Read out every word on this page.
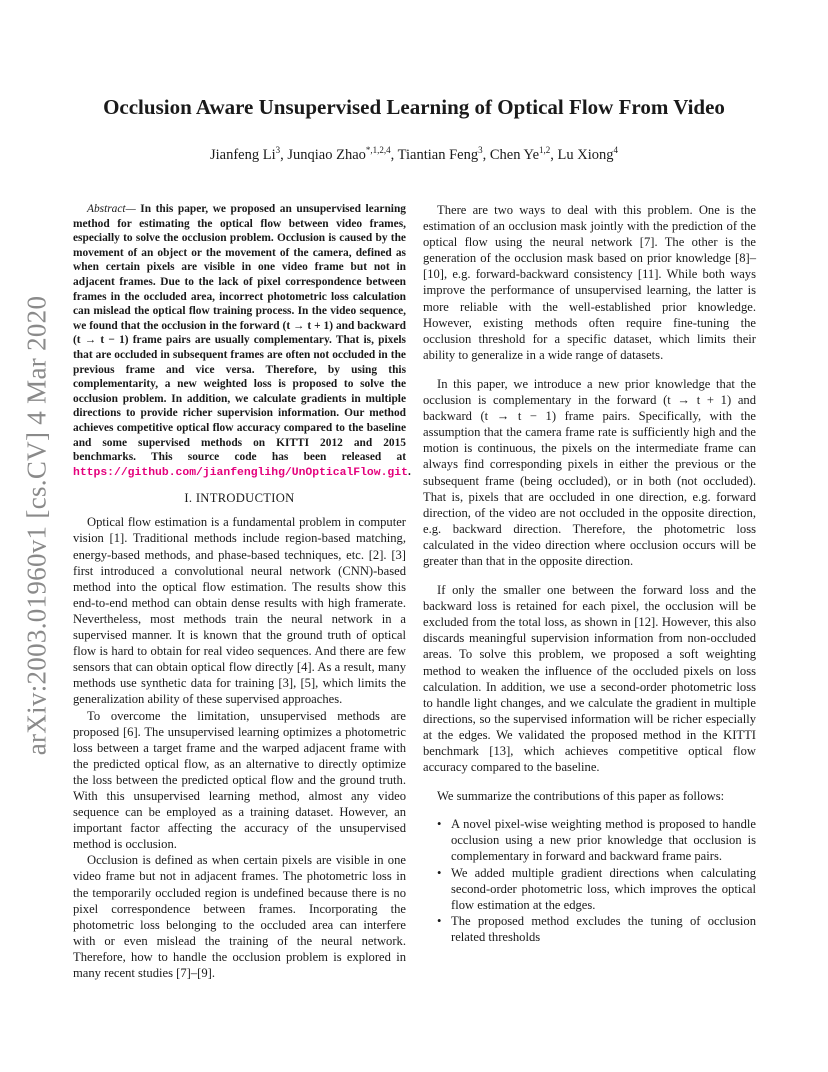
arXiv:2003.01960v1 [cs.CV] 4 Mar 2020
Occlusion Aware Unsupervised Learning of Optical Flow From Video

Jianfeng Li$^3$, Junqiao Zhao$^{*,1,2,4}$, Tiantian Feng$^3$, Chen Ye$^{1,2}$, Lu Xiong$^4$

Abstract— In this paper, we proposed an unsupervised learning method for estimating the optical flow between video frames, especially to solve the occlusion problem. Occlusion is caused by the movement of an object or the movement of the camera, defined as when certain pixels are visible in one video frame but not in adjacent frames. Due to the lack of pixel correspondence between frames in the occluded area, incorrect photometric loss calculation can mislead the optical flow training process. In the video sequence, we found that the occlusion in the forward (t → t + 1) and backward (t → t − 1) frame pairs are usually complementary. That is, pixels that are occluded in subsequent frames are often not occluded in the previous frame and vice versa. Therefore, by using this complementarity, a new weighted loss is proposed to solve the occlusion problem. In addition, we calculate gradients in multiple directions to provide richer supervision information. Our method achieves competitive optical flow accuracy compared to the baseline and some supervised methods on KITTI 2012 and 2015 benchmarks. This source code has been released at https://github.com/jianfenglihg/UnOpticalFlow.git.

I. INTRODUCTION

Optical flow estimation is a fundamental problem in computer vision [1]. Traditional methods include region-based matching, energy-based methods, and phase-based techniques, etc. [2]. [3] first introduced a convolutional neural network (CNN)-based method into the optical flow estimation. The results show this end-to-end method can obtain dense results with high framerate. Nevertheless, most methods train the neural network in a supervised manner. It is known that the ground truth of optical flow is hard to obtain for real video sequences. And there are few sensors that can obtain optical flow directly [4]. As a result, many methods use synthetic data for training [3], [5], which limits the generalization ability of these supervised approaches.

To overcome the limitation, unsupervised methods are proposed [6]. The unsupervised learning optimizes a photometric loss between a target frame and the warped adjacent frame with the predicted optical flow, as an alternative to directly optimize the loss between the predicted optical flow and the ground truth. With this unsupervised learning method, almost any video sequence can be employed as a training dataset. However, an important factor affecting the accuracy of the unsupervised method is occlusion.

Occlusion is defined as when certain pixels are visible in one video frame but not in adjacent frames. The photometric loss in the temporarily occluded region is undefined because there is no pixel correspondence between frames. Incorporating the photometric loss belonging to the occluded area can interfere with or even mislead the training of the neural network. Therefore, how to handle the occlusion problem is explored in many recent studies [7]–[9].

There are two ways to deal with this problem. One is the estimation of an occlusion mask jointly with the prediction of the optical flow using the neural network [7]. The other is the generation of the occlusion mask based on prior knowledge [8]–[10], e.g. forward-backward consistency [11]. While both ways improve the performance of unsupervised learning, the latter is more reliable with the well-established prior knowledge. However, existing methods often require fine-tuning the occlusion threshold for a specific dataset, which limits their ability to generalize in a wide range of datasets.

In this paper, we introduce a new prior knowledge that the occlusion is complementary in the forward (t → t + 1) and backward (t → t − 1) frame pairs. Specifically, with the assumption that the camera frame rate is sufficiently high and the motion is continuous, the pixels on the intermediate frame can always find corresponding pixels in either the previous or the subsequent frame (being occluded), or in both (not occluded). That is, pixels that are occluded in one direction, e.g. forward direction, of the video are not occluded in the opposite direction, e.g. backward direction. Therefore, the photometric loss calculated in the video direction where occlusion occurs will be greater than that in the opposite direction.

If only the smaller one between the forward loss and the backward loss is retained for each pixel, the occlusion will be excluded from the total loss, as shown in [12]. However, this also discards meaningful supervision information from non-occluded areas. To solve this problem, we proposed a soft weighting method to weaken the influence of the occluded pixels on loss calculation. In addition, we use a second-order photometric loss to handle light changes, and we calculate the gradient in multiple directions, so the supervised information will be richer especially at the edges. We validated the proposed method in the KITTI benchmark [13], which achieves competitive optical flow accuracy compared to the baseline.

We summarize the contributions of this paper as follows:

• A novel pixel-wise weighting method is proposed to handle occlusion using a new prior knowledge that occlusion is complementary in forward and backward frame pairs.
• We added multiple gradient directions when calculating second-order photometric loss, which improves the optical flow estimation at the edges.
• The proposed method excludes the tuning of occlusion related thresholds
